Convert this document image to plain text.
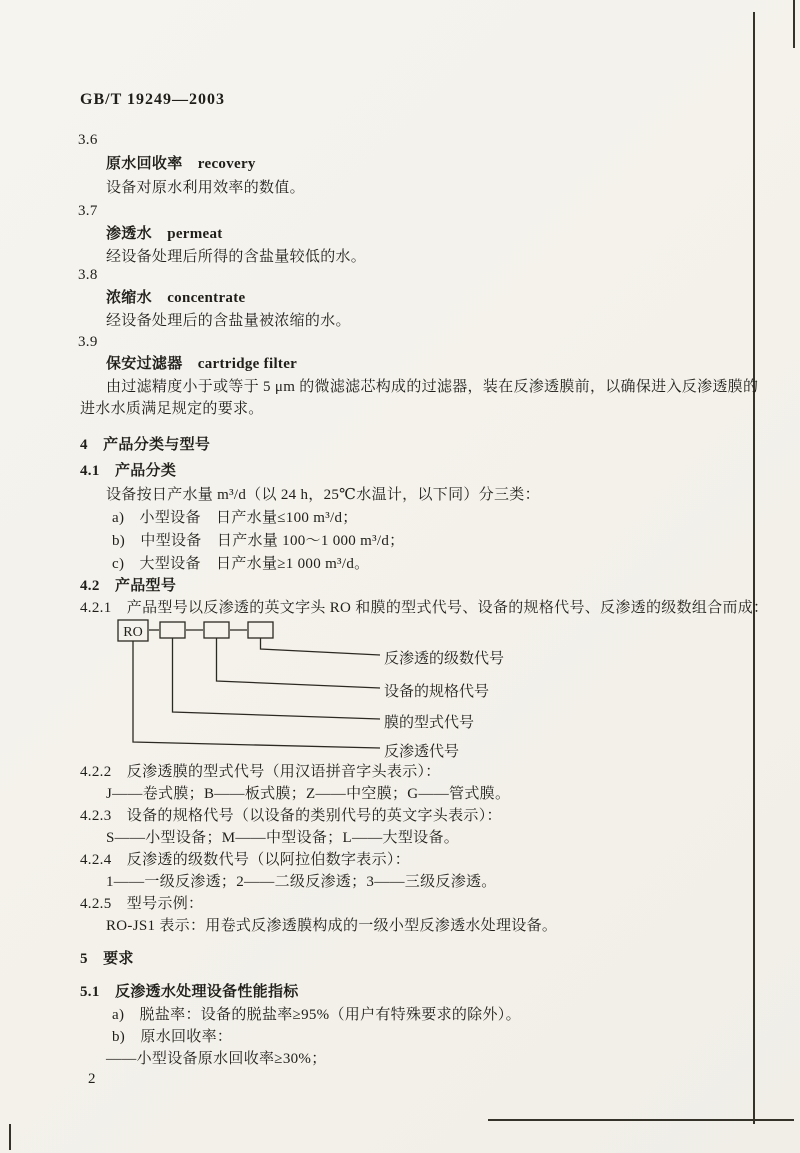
GB/T 19249—2003
3.6
原水回收率　recovery
设备对原水利用效率的数值。
3.7
渗透水　permeat
经设备处理后所得的含盐量较低的水。
3.8
浓缩水　concentrate
经设备处理后的含盐量被浓缩的水。
3.9
保安过滤器　cartridge filter
由过滤精度小于或等于 5 μm 的微滤滤芯构成的过滤器，装在反渗透膜前，以确保进入反渗透膜的
进水水质满足规定的要求。
4　产品分类与型号
4.1　产品分类
设备按日产水量 m³/d（以 24 h，25℃水温计，以下同）分三类：
a)　小型设备　日产水量≤100 m³/d；
b)　中型设备　日产水量 100～1 000 m³/d；
c)　大型设备　日产水量≥1 000 m³/d。
4.2　产品型号
4.2.1　产品型号以反渗透的英文字头 RO 和膜的型式代号、设备的规格代号、反渗透的级数组合而成：
RO
反渗透的级数代号
设备的规格代号
膜的型式代号
反渗透代号
4.2.2　反渗透膜的型式代号（用汉语拼音字头表示）：
J——卷式膜；B——板式膜；Z——中空膜；G——管式膜。
4.2.3　设备的规格代号（以设备的类别代号的英文字头表示）：
S——小型设备；M——中型设备；L——大型设备。
4.2.4　反渗透的级数代号（以阿拉伯数字表示）：
1——一级反渗透；2——二级反渗透；3——三级反渗透。
4.2.5　型号示例：
RO-JS1 表示：用卷式反渗透膜构成的一级小型反渗透水处理设备。
5　要求
5.1　反渗透水处理设备性能指标
a)　脱盐率：设备的脱盐率≥95%（用户有特殊要求的除外）。
b)　原水回收率：
——小型设备原水回收率≥30%；
2
